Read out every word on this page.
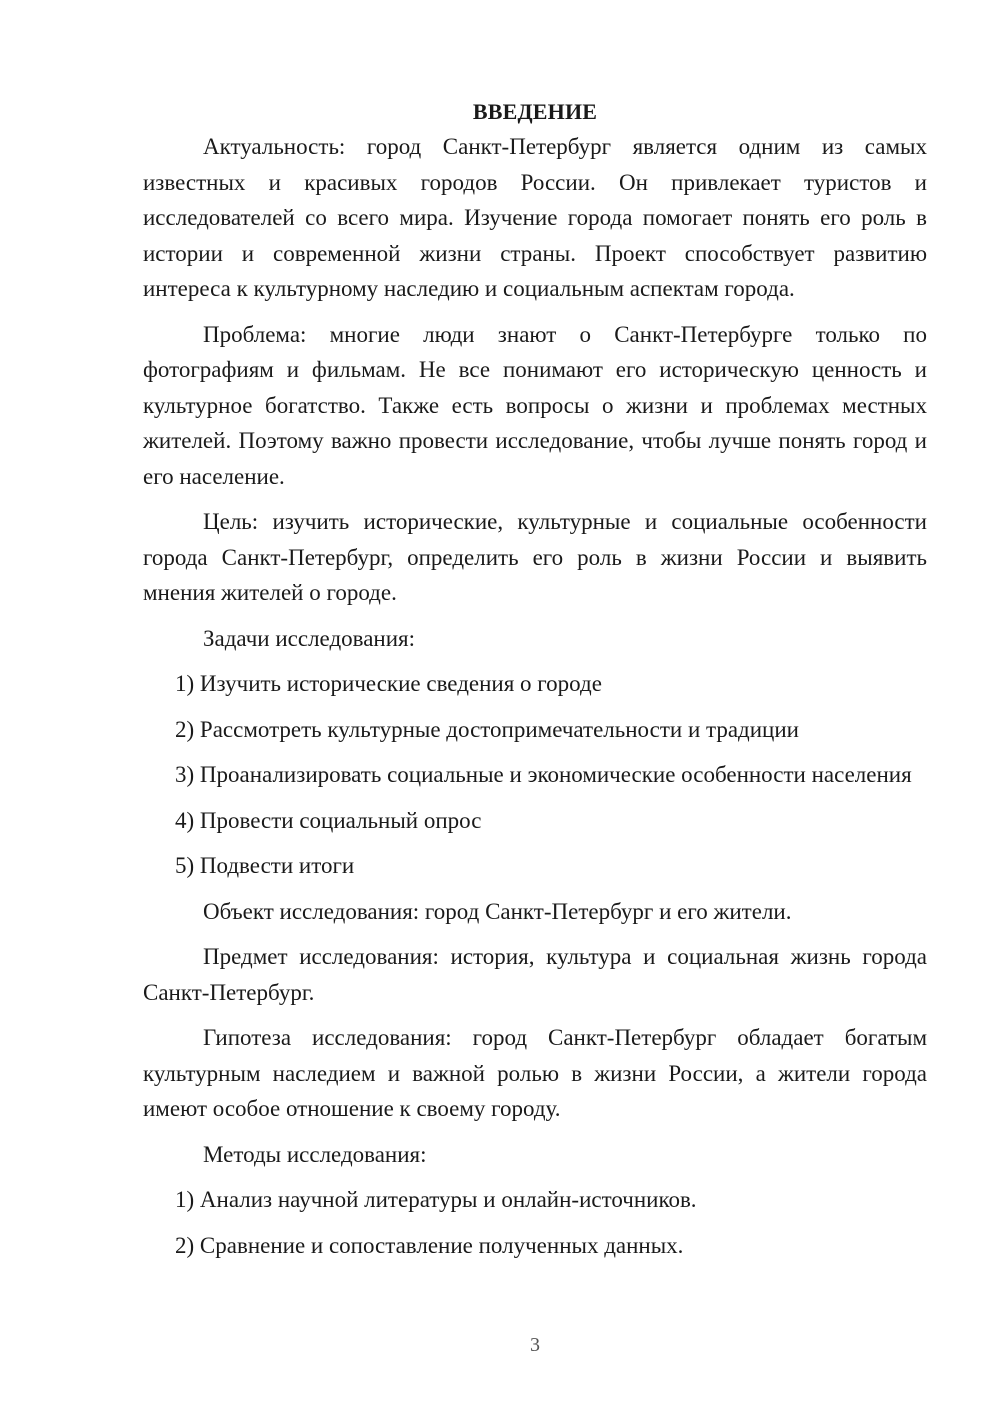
ВВЕДЕНИЕ

Актуальность: город Санкт-Петербург является одним из самых известных и красивых городов России. Он привлекает туристов и исследователей со всего мира. Изучение города помогает понять его роль в истории и современной жизни страны. Проект способствует развитию интереса к культурному наследию и социальным аспектам города.

Проблема: многие люди знают о Санкт-Петербурге только по фотографиям и фильмам. Не все понимают его историческую ценность и культурное богатство. Также есть вопросы о жизни и проблемах местных жителей. Поэтому важно провести исследование, чтобы лучше понять город и его население.

Цель: изучить исторические, культурные и социальные особенности города Санкт-Петербург, определить его роль в жизни России и выявить мнения жителей о городе.

Задачи исследования:

1) Изучить исторические сведения о городе

2) Рассмотреть культурные достопримечательности и традиции

3) Проанализировать социальные и экономические особенности населения

4) Провести социальный опрос

5) Подвести итоги

Объект исследования: город Санкт-Петербург и его жители.

Предмет исследования: история, культура и социальная жизнь города Санкт-Петербург.

Гипотеза исследования: город Санкт-Петербург обладает богатым культурным наследием и важной ролью в жизни России, а жители города имеют особое отношение к своему городу.

Методы исследования:

1) Анализ научной литературы и онлайн-источников.

2) Сравнение и сопоставление полученных данных.

3
